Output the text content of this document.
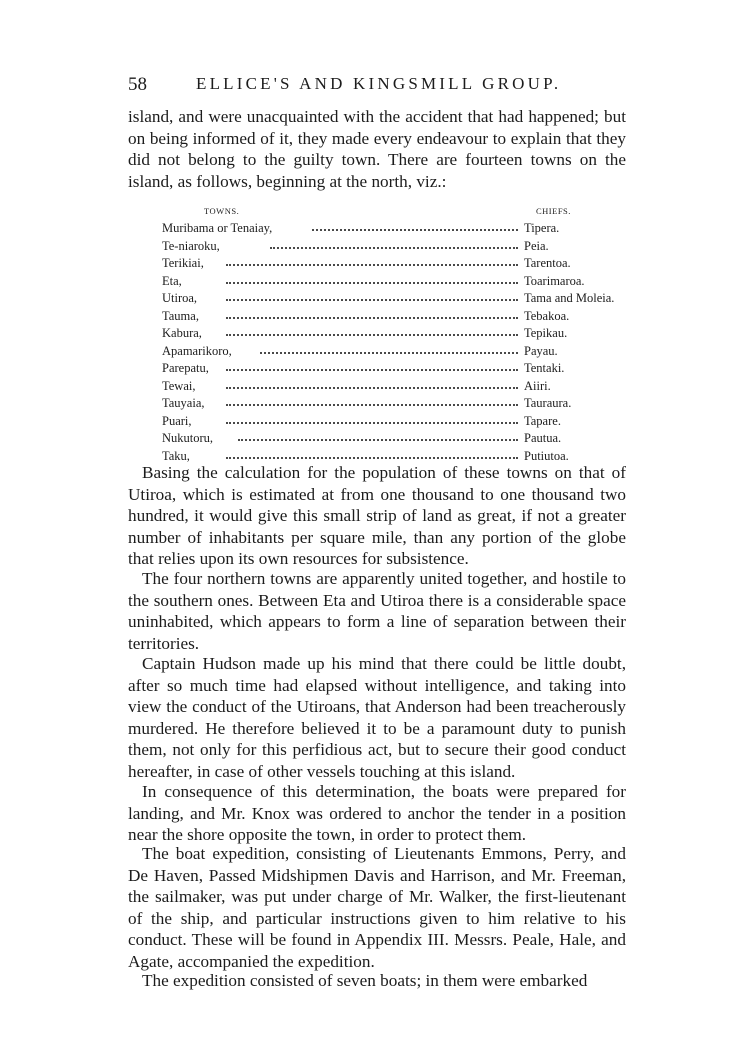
58	ELLICE'S AND KINGSMILL GROUP.

island, and were unacquainted with the accident that had happened; but on being informed of it, they made every endeavour to explain that they did not belong to the guilty town. There are fourteen towns on the island, as follows, beginning at the north, viz.:

TOWNS.	CHIEFS.
Muribama or Tenaiay,	Tipera.
Te-niaroku,	Peia.
Terikiai,	Tarentoa.
Eta,	Toarimaroa.
Utiroa,	Tama and Moleia.
Tauma,	Tebakoa.
Kabura,	Tepikau.
Apamarikoro,	Payau.
Parepatu,	Tentaki.
Tewai,	Aiiri.
Tauyaia,	Tauraura.
Puari,	Tapare.
Nukutoru,	Pautua.
Taku,	Putiutoa.

Basing the calculation for the population of these towns on that of Utiroa, which is estimated at from one thousand to one thousand two hundred, it would give this small strip of land as great, if not a greater number of inhabitants per square mile, than any portion of the globe that relies upon its own resources for subsistence.

The four northern towns are apparently united together, and hostile to the southern ones. Between Eta and Utiroa there is a considerable space uninhabited, which appears to form a line of separation between their territories.

Captain Hudson made up his mind that there could be little doubt, after so much time had elapsed without intelligence, and taking into view the conduct of the Utiroans, that Anderson had been treacherously murdered. He therefore believed it to be a paramount duty to punish them, not only for this perfidious act, but to secure their good conduct hereafter, in case of other vessels touching at this island.

In consequence of this determination, the boats were prepared for landing, and Mr. Knox was ordered to anchor the tender in a position near the shore opposite the town, in order to protect them.

The boat expedition, consisting of Lieutenants Emmons, Perry, and De Haven, Passed Midshipmen Davis and Harrison, and Mr. Freeman, the sailmaker, was put under charge of Mr. Walker, the first-lieutenant of the ship, and particular instructions given to him relative to his conduct. These will be found in Appendix III. Messrs. Peale, Hale, and Agate, accompanied the expedition.

The expedition consisted of seven boats; in them were embarked
